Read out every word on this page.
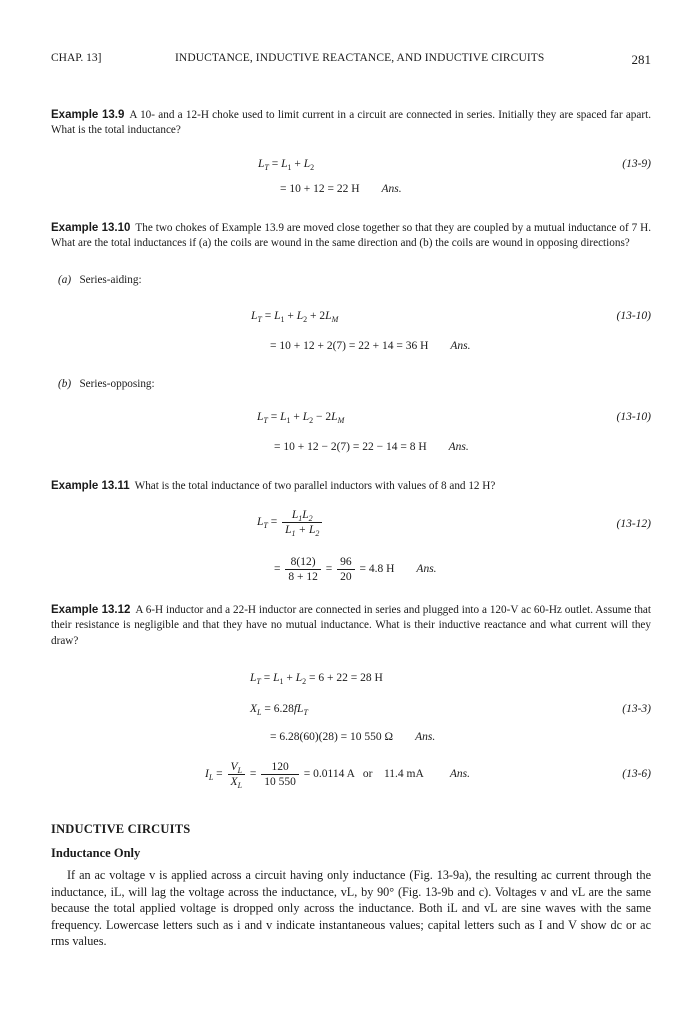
CHAP. 13]	INDUCTANCE, INDUCTIVE REACTANCE, AND INDUCTIVE CIRCUITS	281
Example 13.9 A 10- and a 12-H choke used to limit current in a circuit are connected in series. Initially they are spaced far apart. What is the total inductance?
$L_T = L_1 + L_2$	(13-9)
= 10 + 12 = 22 H Ans.
Example 13.10 The two chokes of Example 13.9 are moved close together so that they are coupled by a mutual inductance of 7 H. What are the total inductances if (a) the coils are wound in the same direction and (b) the coils are wound in opposing directions?
(a) Series-aiding:
$L_T = L_1 + L_2 + 2L_M$	(13-10)
= 10 + 12 + 2(7) = 22 + 14 = 36 H Ans.
(b) Series-opposing:
$L_T = L_1 + L_2 - 2L_M$	(13-10)
= 10 + 12 − 2(7) = 22 − 14 = 8 H Ans.
Example 13.11 What is the total inductance of two parallel inductors with values of 8 and 12 H?
$L_T = \frac{L_1L_2}{L_1 + L_2}$	(13-12)
= $\frac{8(12)}{8 + 12} = \frac{96}{20} = 4.8$ H Ans.
Example 13.12 A 6-H inductor and a 22-H inductor are connected in series and plugged into a 120-V ac 60-Hz outlet. Assume that their resistance is negligible and that they have no mutual inductance. What is their inductive reactance and what current will they draw?
$L_T = L_1 + L_2 = 6 + 22 = 28$ H
$X_L = 6.28fL_T$	(13-3)
= 6.28(60)(28) = 10 550 Ω Ans.
$I_L = \frac{V_L}{X_L} = \frac{120}{10 550} = 0.0114$ A or 11.4 mA Ans.	(13-6)
INDUCTIVE CIRCUITS
Inductance Only
If an ac voltage v is applied across a circuit having only inductance (Fig. 13-9a), the resulting ac current through the inductance, iL, will lag the voltage across the inductance, vL, by 90° (Fig. 13-9b and c). Voltages v and vL are the same because the total applied voltage is dropped only across the inductance. Both iL and vL are sine waves with the same frequency. Lowercase letters such as i and v indicate instantaneous values; capital letters such as I and V show dc or ac rms values.
